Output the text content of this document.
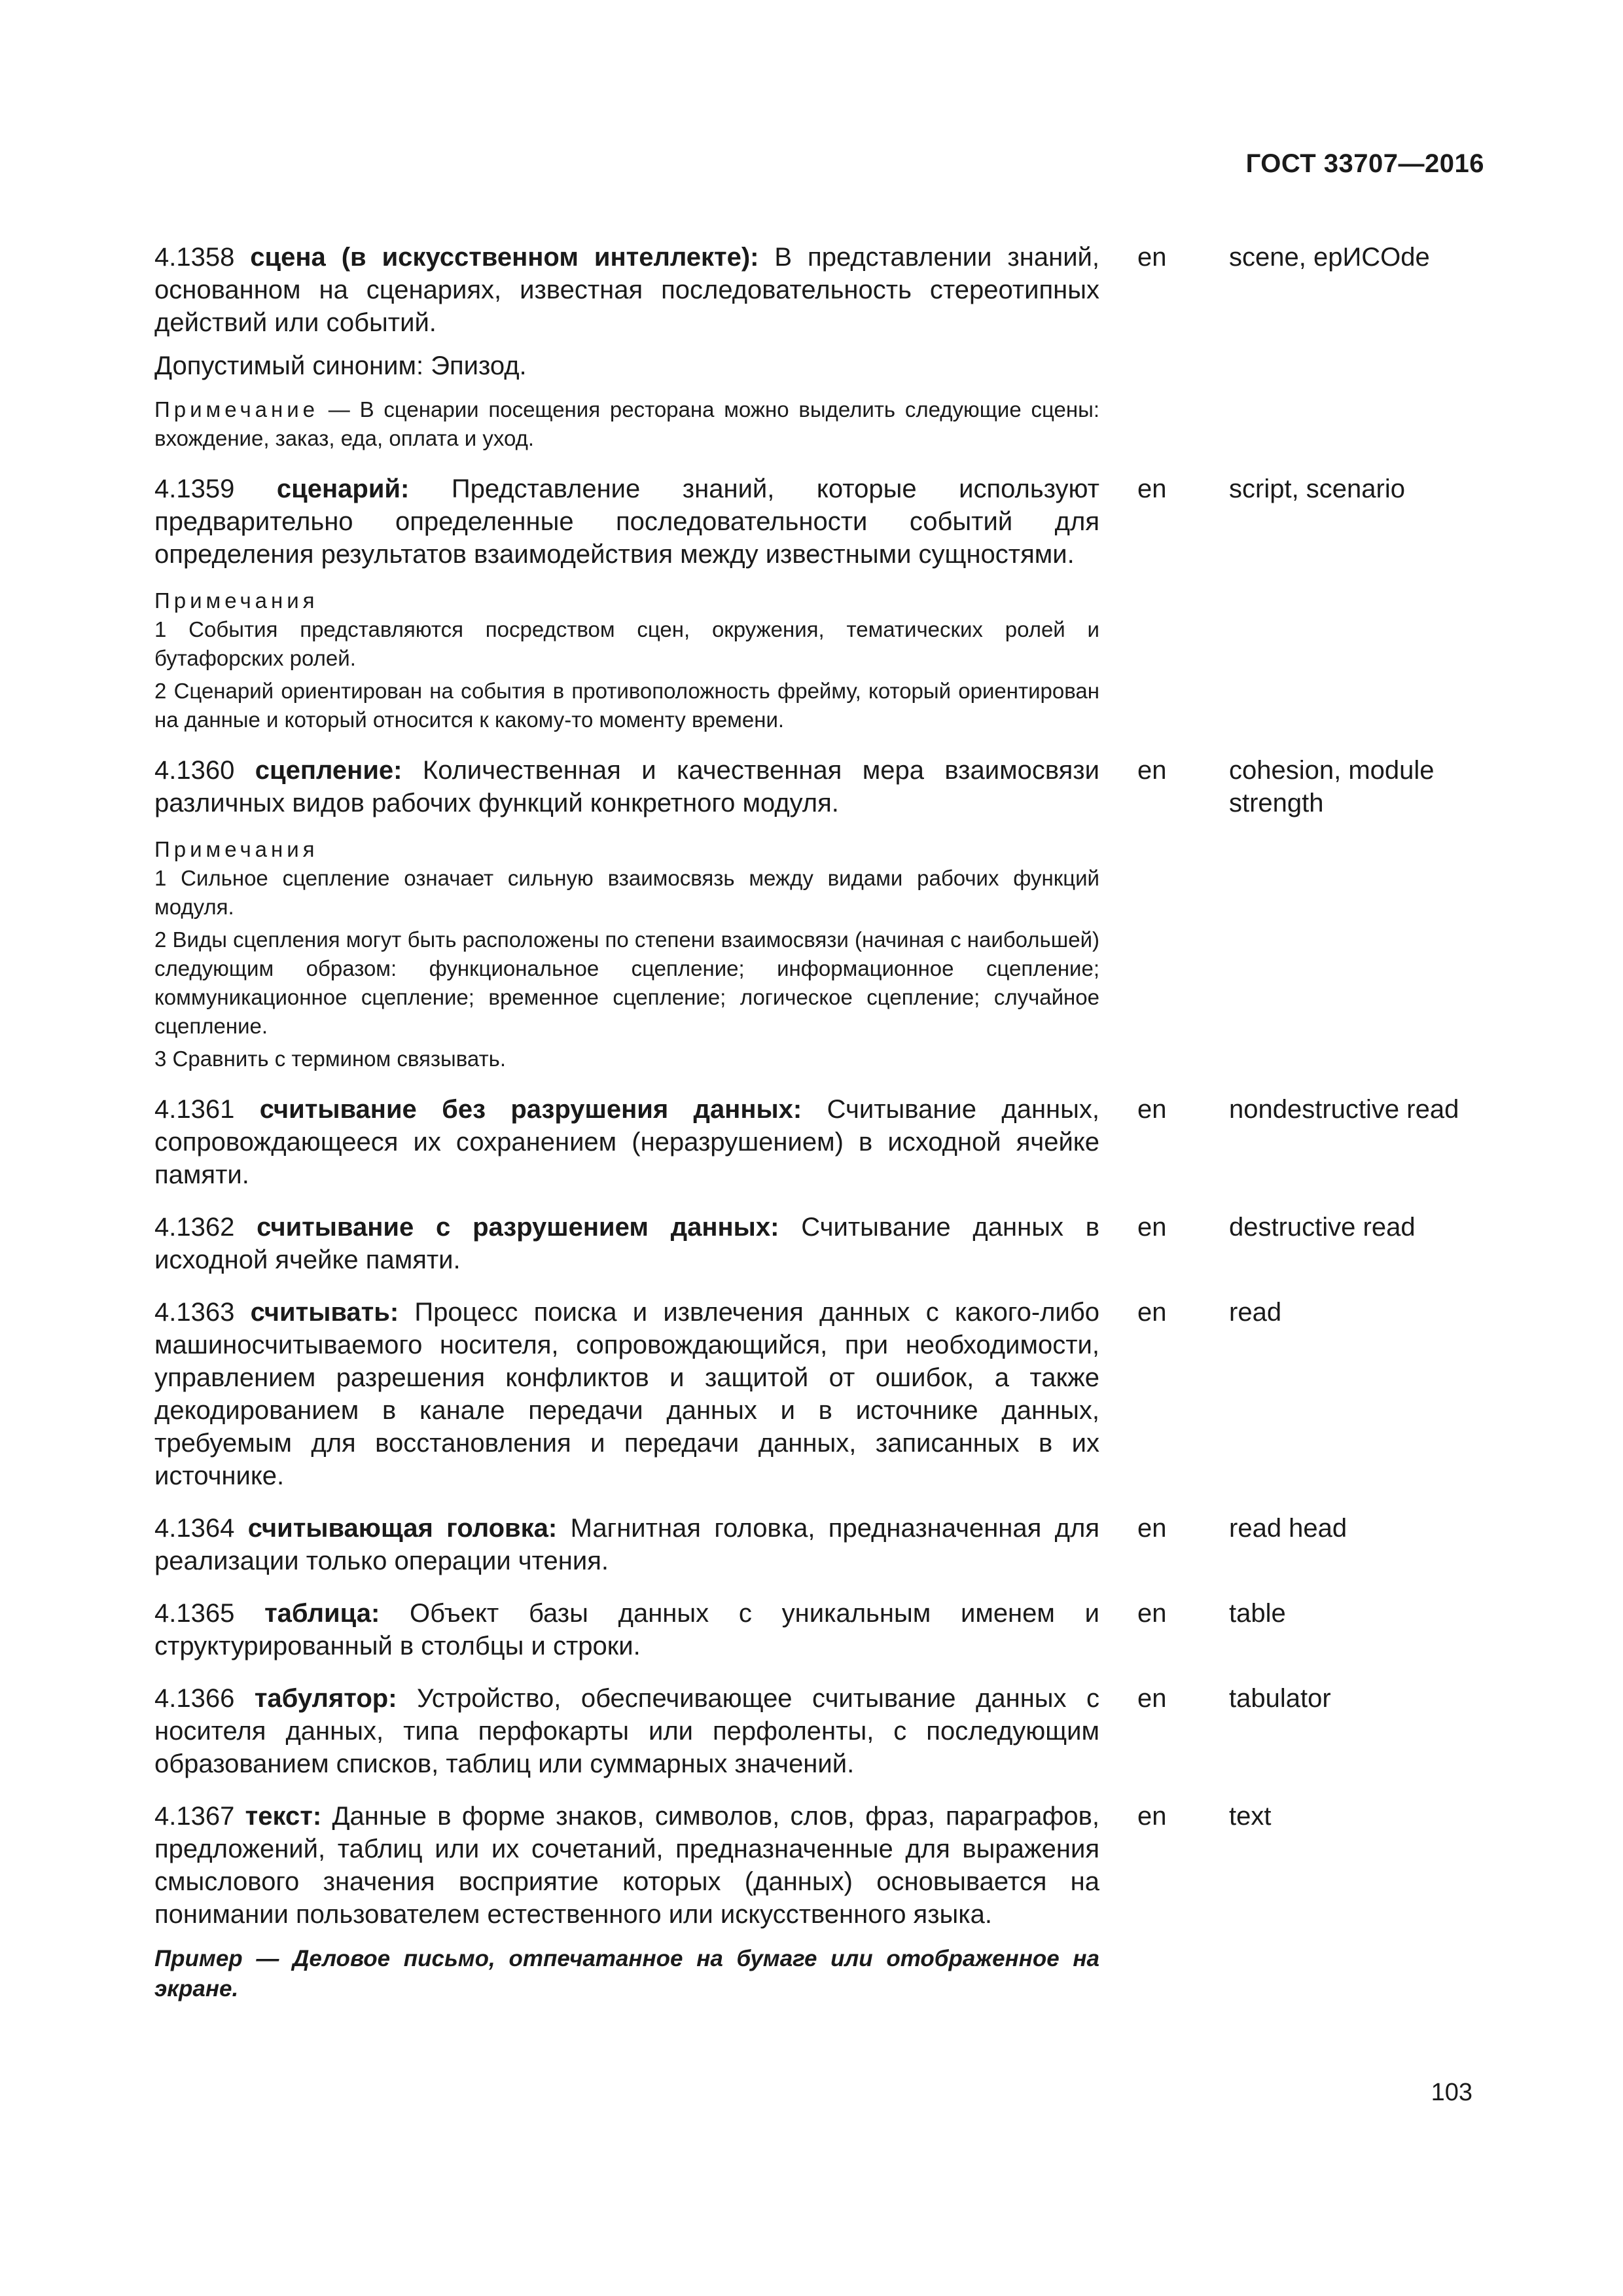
ГОСТ 33707—2016
4.1358 сцена (в искусственном интеллекте): В представлении знаний, основанном на сценариях, известная последовательность стереотипных действий или событий.
Допустимый синоним: Эпизод.
Примечание — В сценарии посещения ресторана можно выделить следующие сцены: вхождение, заказ, еда, оплата и уход.
en	scene, epИСOde
4.1359 сценарий: Представление знаний, которые используют предварительно определенные последовательности событий для определения результатов взаимодействия между известными сущностями.
Примечания
1 События представляются посредством сцен, окружения, тематических ролей и бутафорских ролей.
2 Сценарий ориентирован на события в противоположность фрейму, который ориентирован на данные и который относится к какому-то моменту времени.
en	script, scenario
4.1360 сцепление: Количественная и качественная мера взаимосвязи различных видов рабочих функций конкретного модуля.
Примечания
1 Сильное сцепление означает сильную взаимосвязь между видами рабочих функций модуля.
2 Виды сцепления могут быть расположены по степени взаимосвязи (начиная с наибольшей) следующим образом: функциональное сцепление; информационное сцепление; коммуникационное сцепление; временное сцепление; логическое сцепление; случайное сцепление.
3 Сравнить с термином связывать.
en	cohesion, module strength
4.1361 считывание без разрушения данных: Считывание данных, сопровождающееся их сохранением (неразрушением) в исходной ячейке памяти.
en	nondestructive read
4.1362 считывание с разрушением данных: Считывание данных в исходной ячейке памяти.
en	destructive read
4.1363 считывать: Процесс поиска и извлечения данных с какого-либо машиносчитываемого носителя, сопровождающийся, при необходимости, управлением разрешения конфликтов и защитой от ошибок, а также декодированием в канале передачи данных и в источнике данных, требуемым для восстановления и передачи данных, записанных в их источнике.
en	read
4.1364 считывающая головка: Магнитная головка, предназначенная для реализации только операции чтения.
en	read head
4.1365 таблица: Объект базы данных с уникальным именем и структурированный в столбцы и строки.
en	table
4.1366 табулятор: Устройство, обеспечивающее считывание данных с носителя данных, типа перфокарты или перфоленты, с последующим образованием списков, таблиц или суммарных значений.
en	tabulator
4.1367 текст: Данные в форме знаков, символов, слов, фраз, параграфов, предложений, таблиц или их сочетаний, предназначенные для выражения смыслового значения восприятие которых (данных) основывается на понимании пользователем естественного или искусственного языка.
Пример — Деловое письмо, отпечатанное на бумаге или отображенное на экране.
en	text
103
